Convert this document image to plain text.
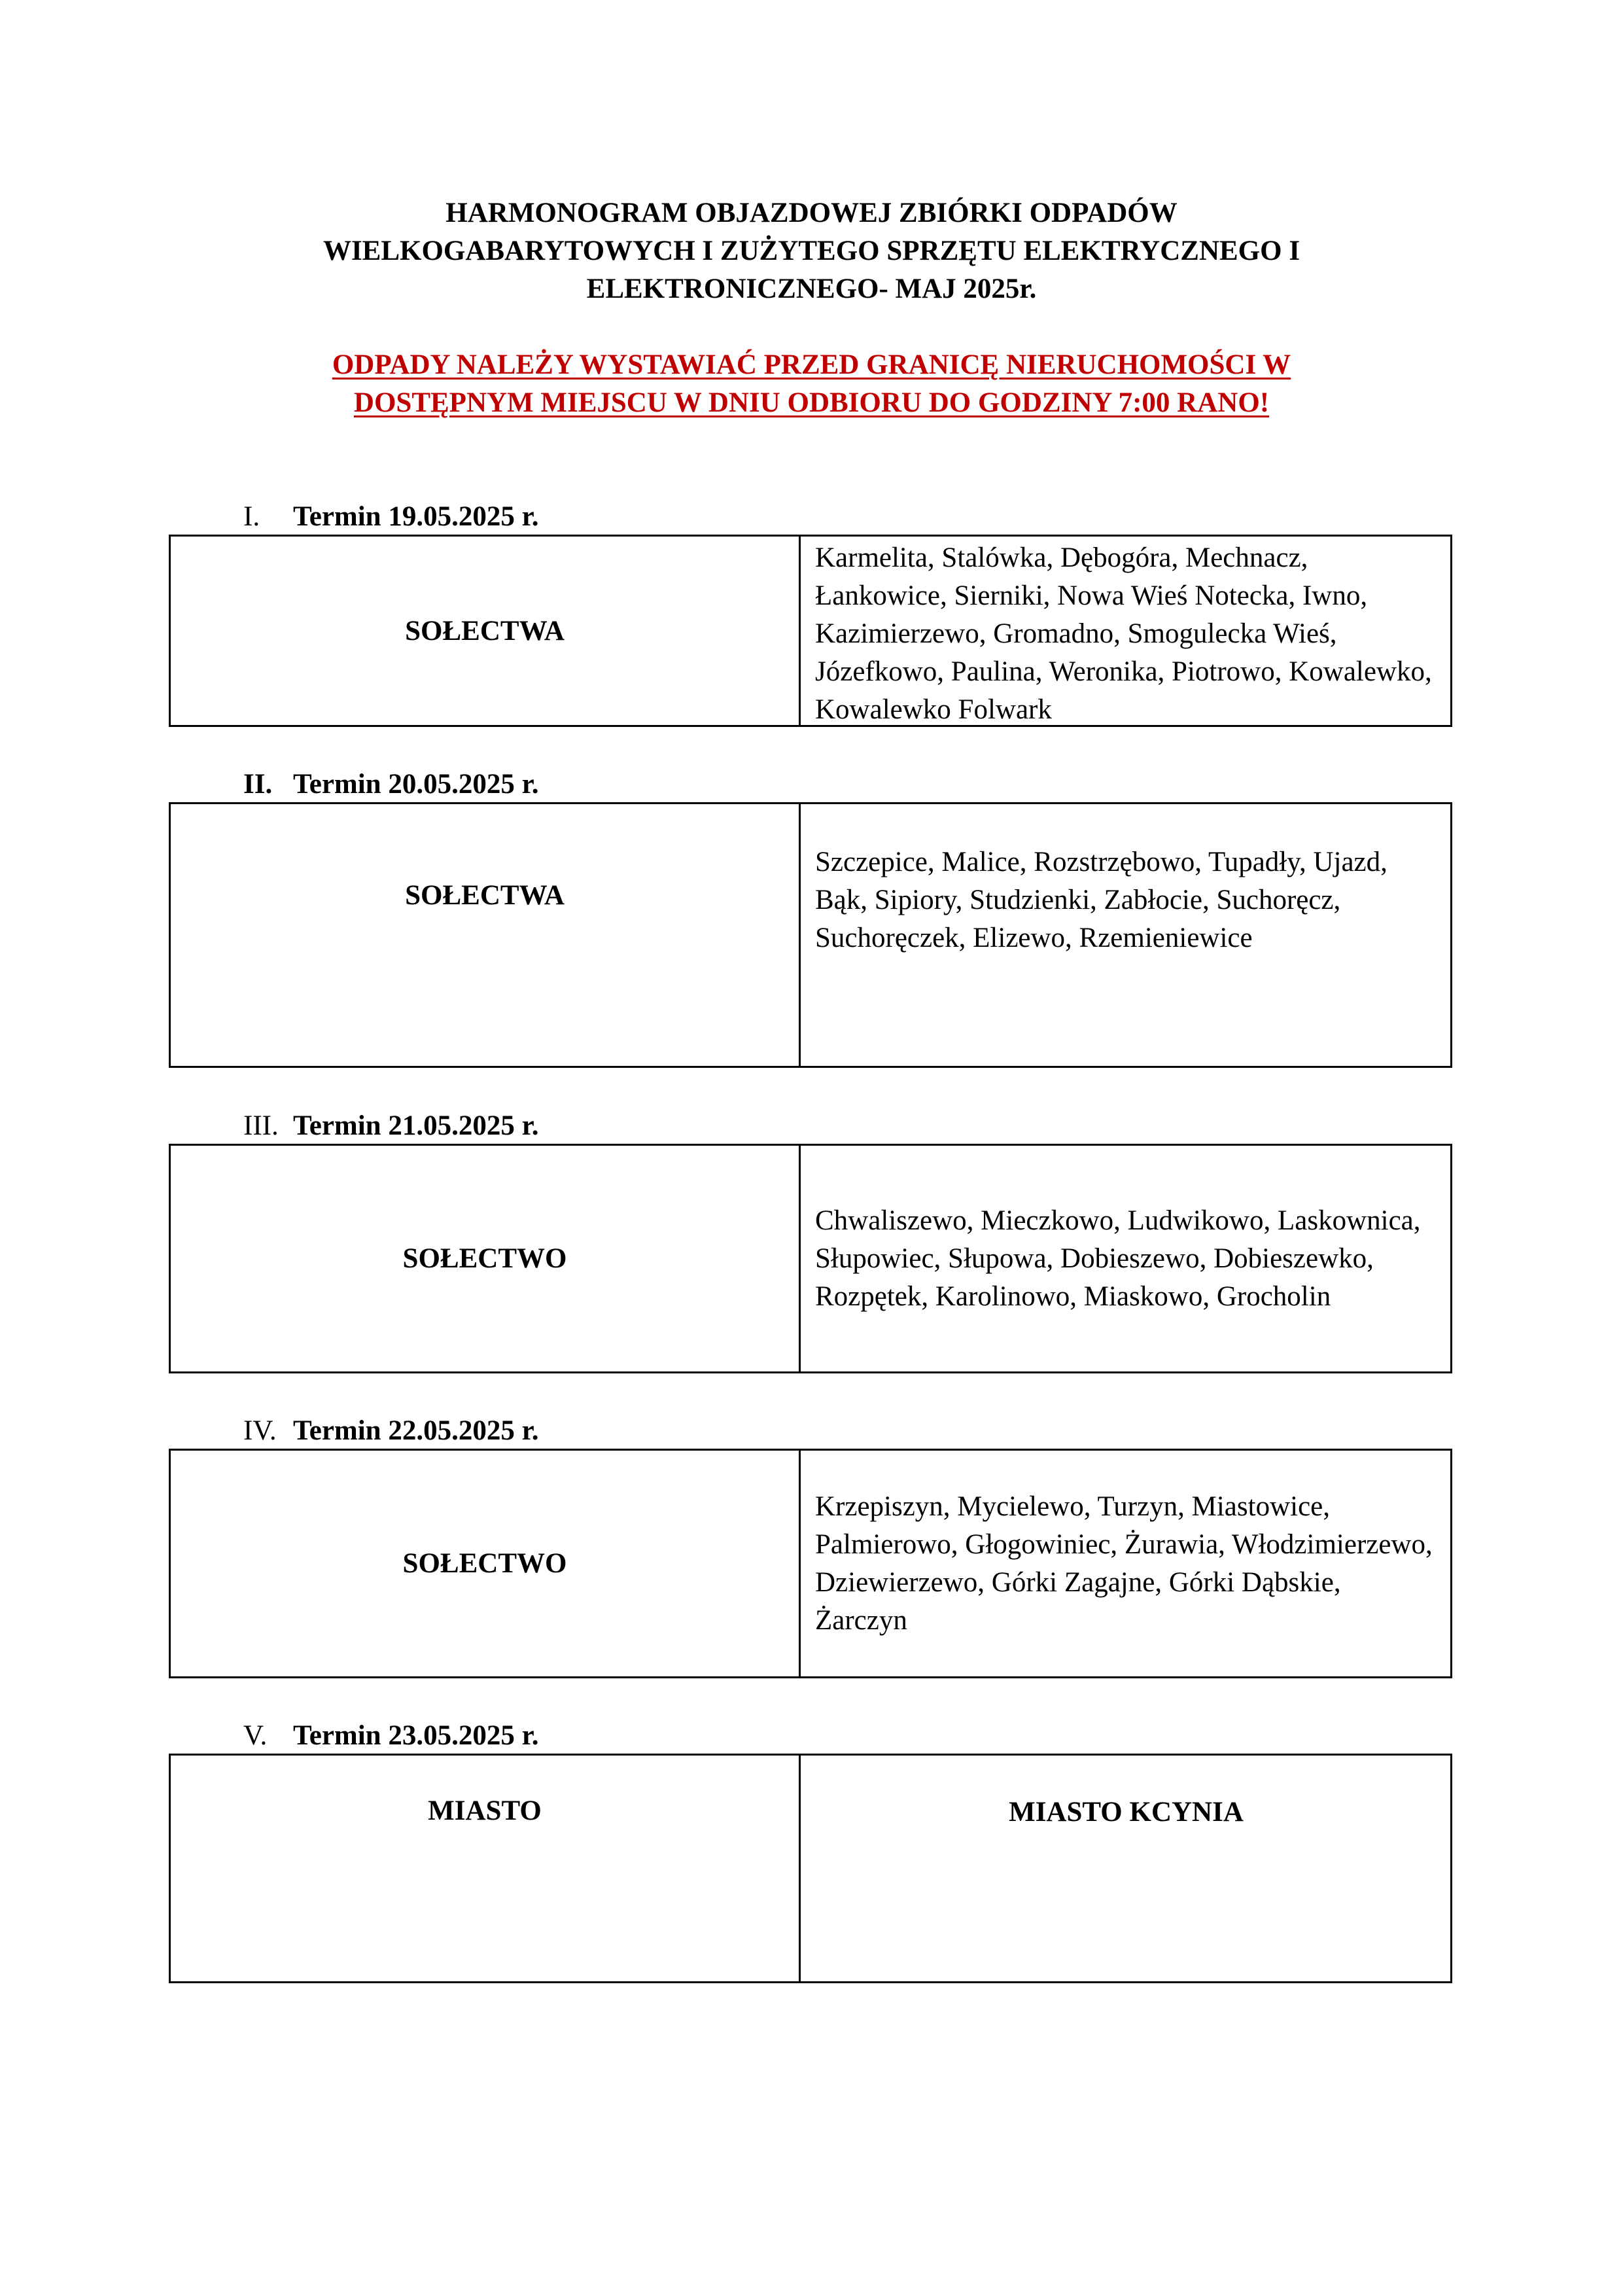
HARMONOGRAM OBJAZDOWEJ ZBIÓRKI ODPADÓW
WIELKOGABARYTOWYCH I ZUŻYTEGO SPRZĘTU ELEKTRYCZNEGO I
ELEKTRONICZNEGO- MAJ 2025r.
ODPADY NALEŻY WYSTAWIAĆ PRZED GRANICĘ NIERUCHOMOŚCI W
DOSTĘPNYM MIEJSCU W DNIU ODBIORU DO GODZINY 7:00 RANO!
I. Termin 19.05.2025 r.
SOŁECTWA
Karmelita, Stalówka, Dębogóra, Mechnacz, Łankowice, Sierniki, Nowa Wieś Notecka, Iwno, Kazimierzewo, Gromadno, Smogulecka Wieś, Józefkowo, Paulina, Weronika, Piotrowo, Kowalewko, Kowalewko Folwark
II. Termin 20.05.2025 r.
SOŁECTWA
Szczepice, Malice, Rozstrzębowo, Tupadły, Ujazd, Bąk, Sipiory, Studzienki, Zabłocie, Suchoręcz, Suchoręczek, Elizewo, Rzemieniewice
III. Termin 21.05.2025 r.
SOŁECTWO
Chwaliszewo, Mieczkowo, Ludwikowo, Laskownica, Słupowiec, Słupowa, Dobieszewo, Dobieszewko, Rozpętek, Karolinowo, Miaskowo, Grocholin
IV. Termin 22.05.2025 r.
SOŁECTWO
Krzepiszyn, Mycielewo, Turzyn, Miastowice, Palmierowo, Głogowiniec, Żurawia, Włodzimierzewo, Dziewierzewo, Górki Zagajne, Górki Dąbskie, Żarczyn
V. Termin 23.05.2025 r.
MIASTO	MIASTO KCYNIA
